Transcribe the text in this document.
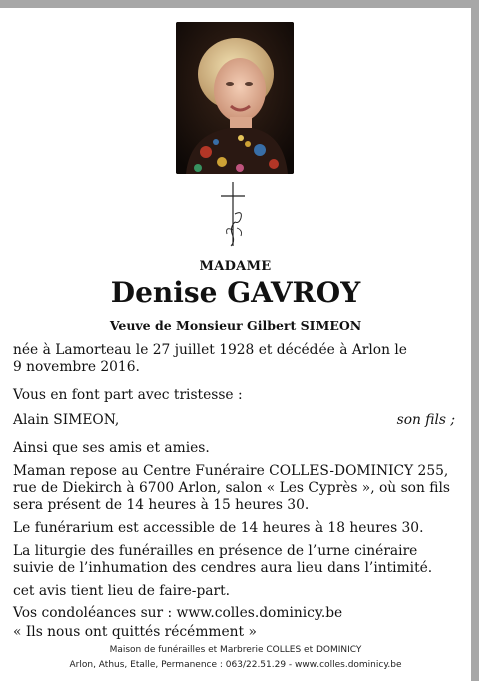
MADAME
Denise GAVROY
Veuve de Monsieur Gilbert SIMEON
née à Lamorteau le 27 juillet 1928 et décédée à Arlon le
9 novembre 2016.
Vous en font part avec tristesse :
Alain SIMEON,	son fils ;
Ainsi que ses amis et amies.
Maman repose au Centre Funéraire COLLES-DOMINICY 255,
rue de Diekirch à 6700 Arlon, salon « Les Cyprès », où son fils
sera présent de 14 heures à 15 heures 30.
Le funérarium est accessible de 14 heures à 18 heures 30.
La liturgie des funérailles en présence de l’urne cinéraire
suivie de l’inhumation des cendres aura lieu dans l’intimité.
cet avis tient lieu de faire-part.
Vos condoléances sur : www.colles.dominicy.be
« Ils nous ont quittés récémment »
Maison de funérailles et Marbrerie COLLES et DOMINICY
Arlon, Athus, Etalle, Permanence : 063/22.51.29 - www.colles.dominicy.be
